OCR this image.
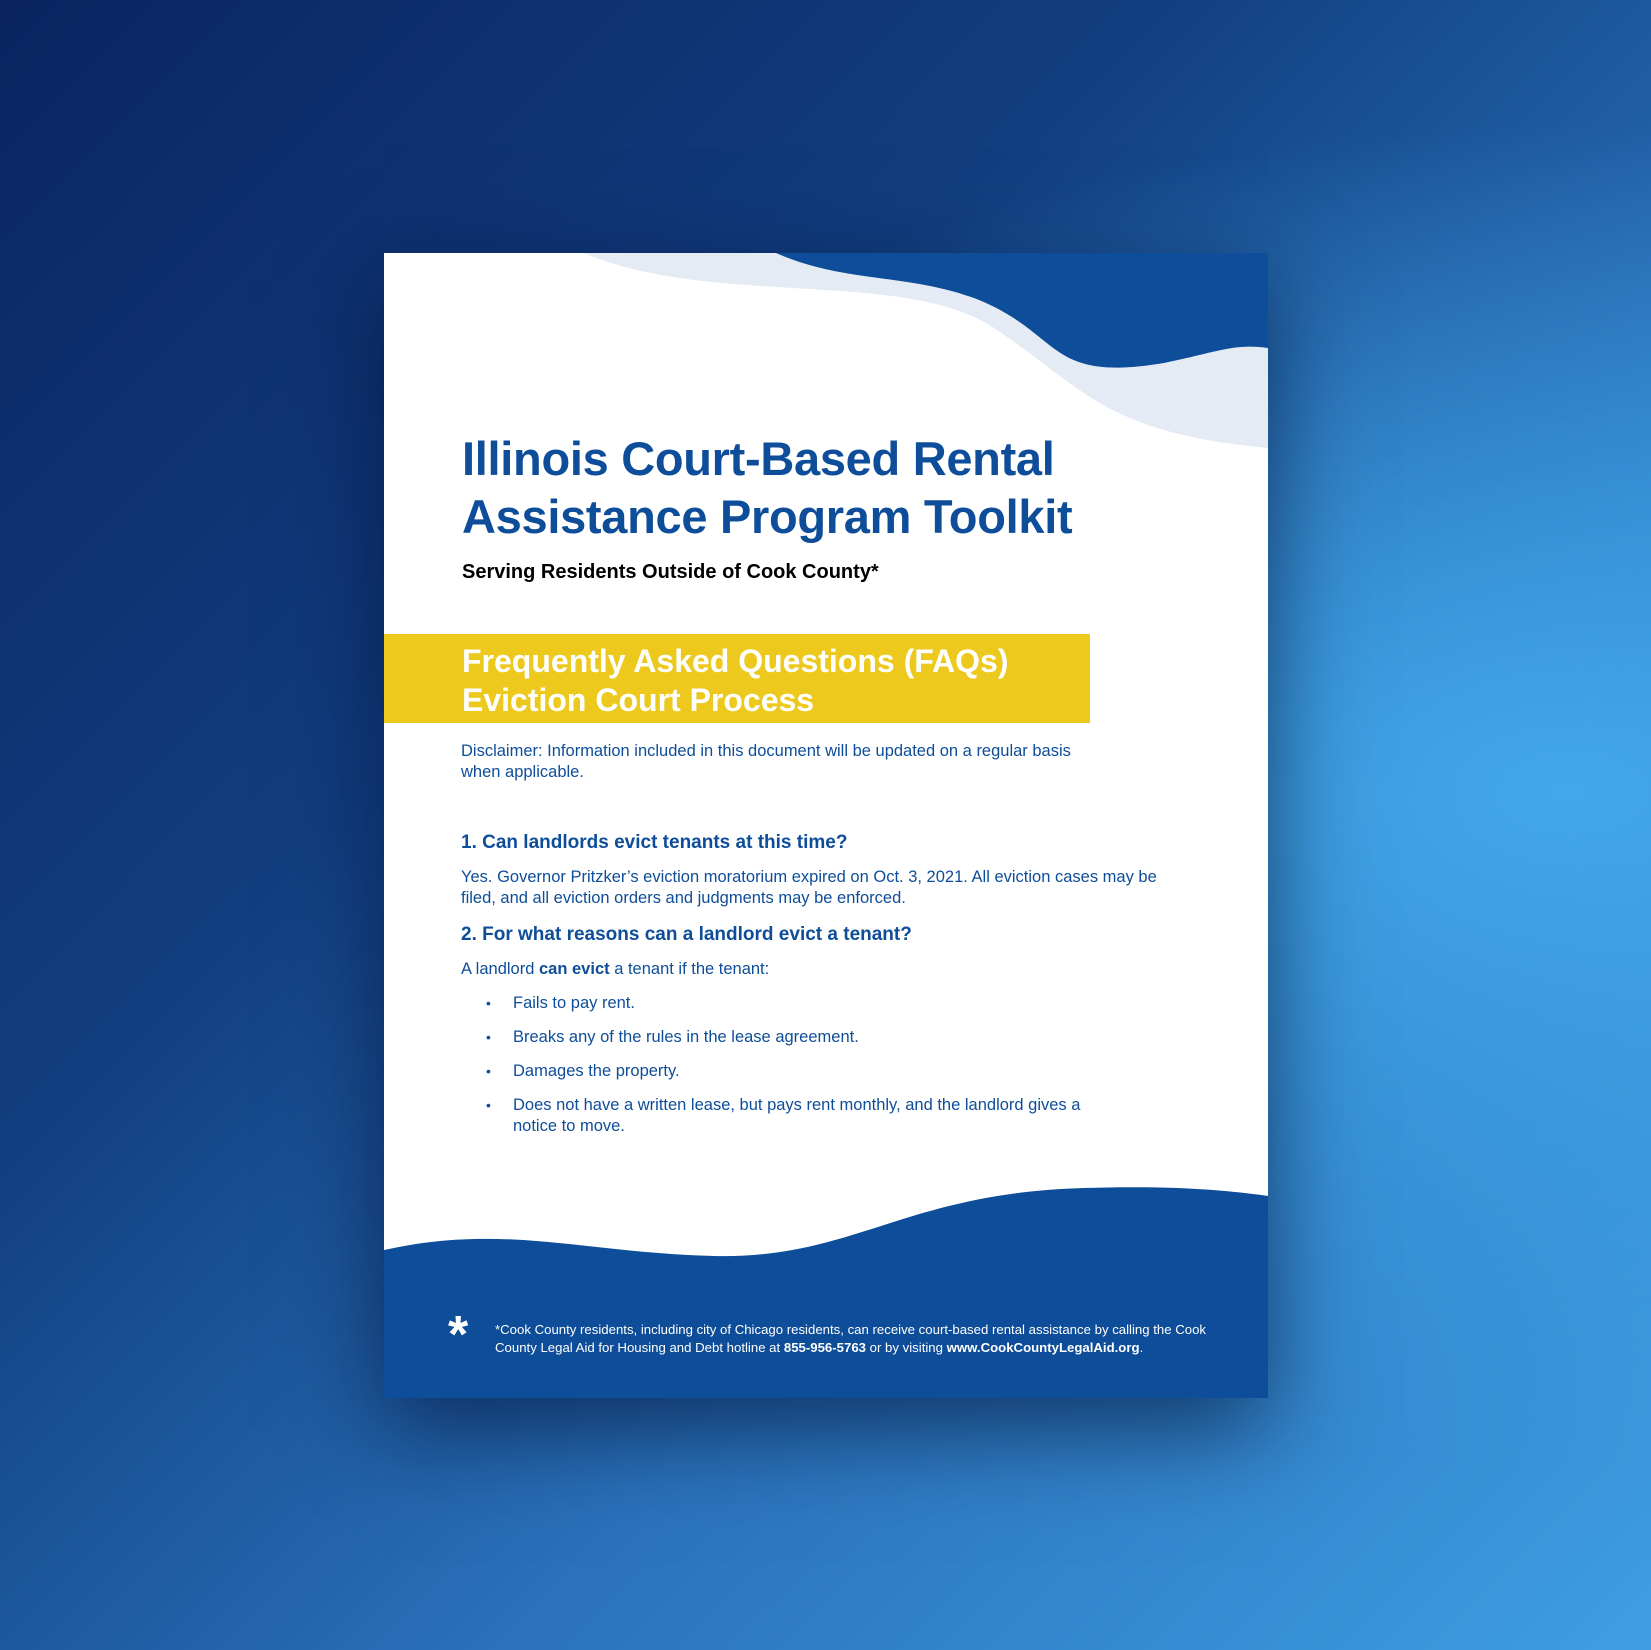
Illinois Court-Based Rental
Assistance Program Toolkit

Serving Residents Outside of Cook County*

Frequently Asked Questions (FAQs)
Eviction Court Process

Disclaimer: Information included in this document will be updated on a regular basis when applicable.

1. Can landlords evict tenants at this time?

Yes. Governor Pritzker’s eviction moratorium expired on Oct. 3, 2021. All eviction cases may be filed, and all eviction orders and judgments may be enforced.

2. For what reasons can a landlord evict a tenant?

A landlord can evict a tenant if the tenant:

• Fails to pay rent.
• Breaks any of the rules in the lease agreement.
• Damages the property.
• Does not have a written lease, but pays rent monthly, and the landlord gives a notice to move.
* *Cook County residents, including city of Chicago residents, can receive court-based rental assistance by calling the Cook County Legal Aid for Housing and Debt hotline at 855-956-5763 or by visiting www.CookCountyLegalAid.org.
